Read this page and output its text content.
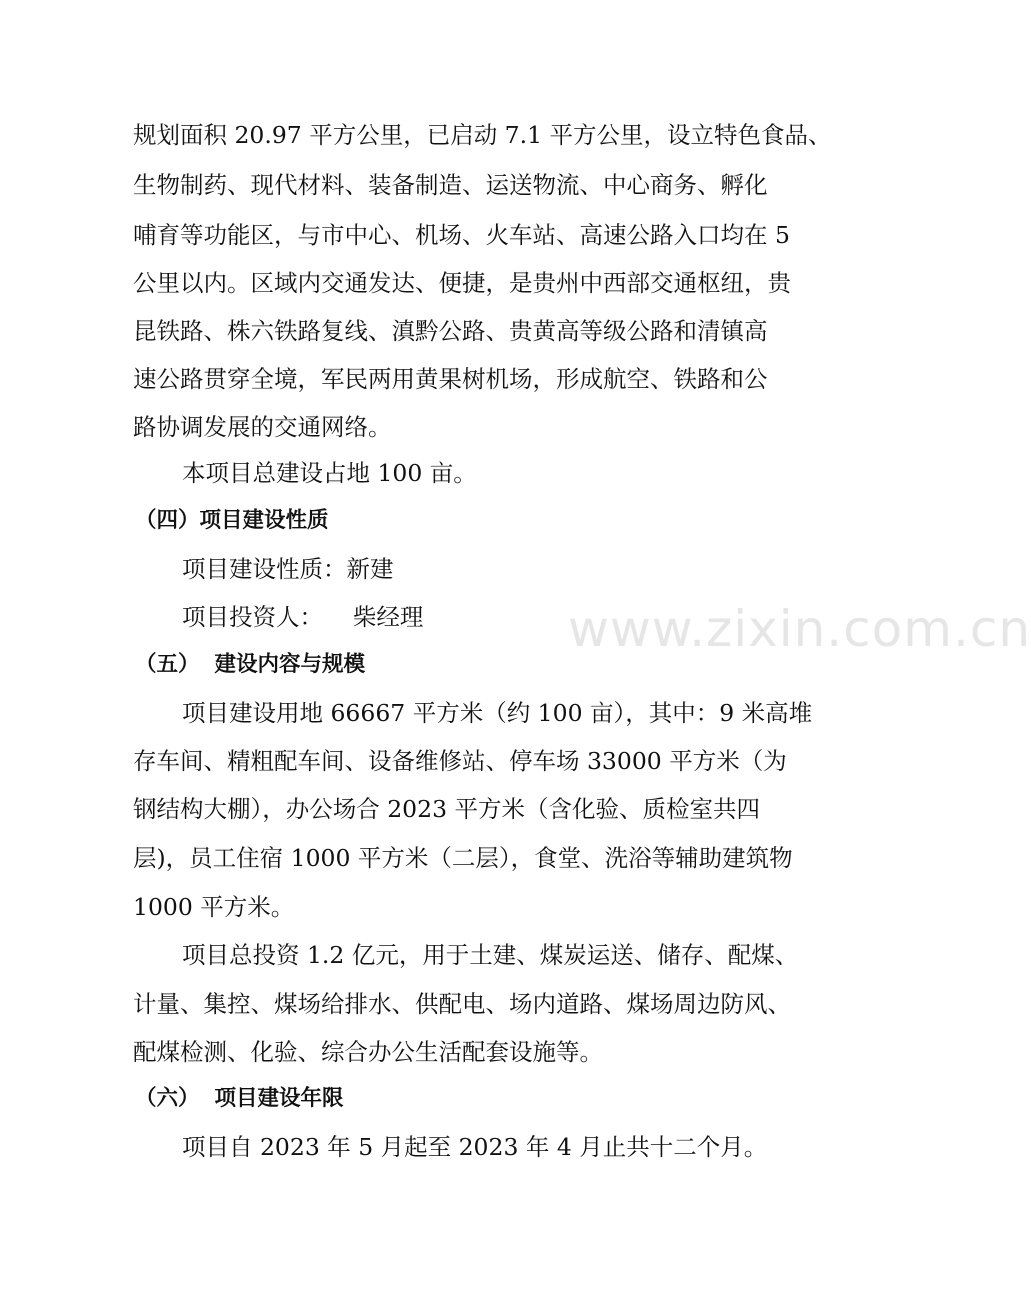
www.zixin.com.cn
规划面积 20.97 平方公里，已启动 7.1 平方公里，设立特色食品、
生物制药、现代材料、装备制造、运送物流、中心商务、孵化
哺育等功能区，与市中心、机场、火车站、高速公路入口均在 5
公里以内。区域内交通发达、便捷，是贵州中西部交通枢纽，贵
昆铁路、株六铁路复线、滇黔公路、贵黄高等级公路和清镇高
速公路贯穿全境，军民两用黄果树机场，形成航空、铁路和公
路协调发展的交通网络。
本项目总建设占地 100 亩。
（四）项目建设性质
项目建设性质：新建
项目投资人：    柴经理
（五）  建设内容与规模
项目建设用地 66667 平方米（约 100 亩），其中：9 米高堆
存车间、精粗配车间、设备维修站、停车场 33000 平方米（为
钢结构大棚），办公场合 2023 平方米（含化验、质检室共四
层)，员工住宿 1000 平方米（二层），食堂、洗浴等辅助建筑物
1000 平方米。
项目总投资 1.2 亿元，用于土建、煤炭运送、储存、配煤、
计量、集控、煤场给排水、供配电、场内道路、煤场周边防风、
配煤检测、化验、综合办公生活配套设施等。
（六）  项目建设年限
项目自 2023 年 5 月起至 2023 年 4 月止共十二个月。
